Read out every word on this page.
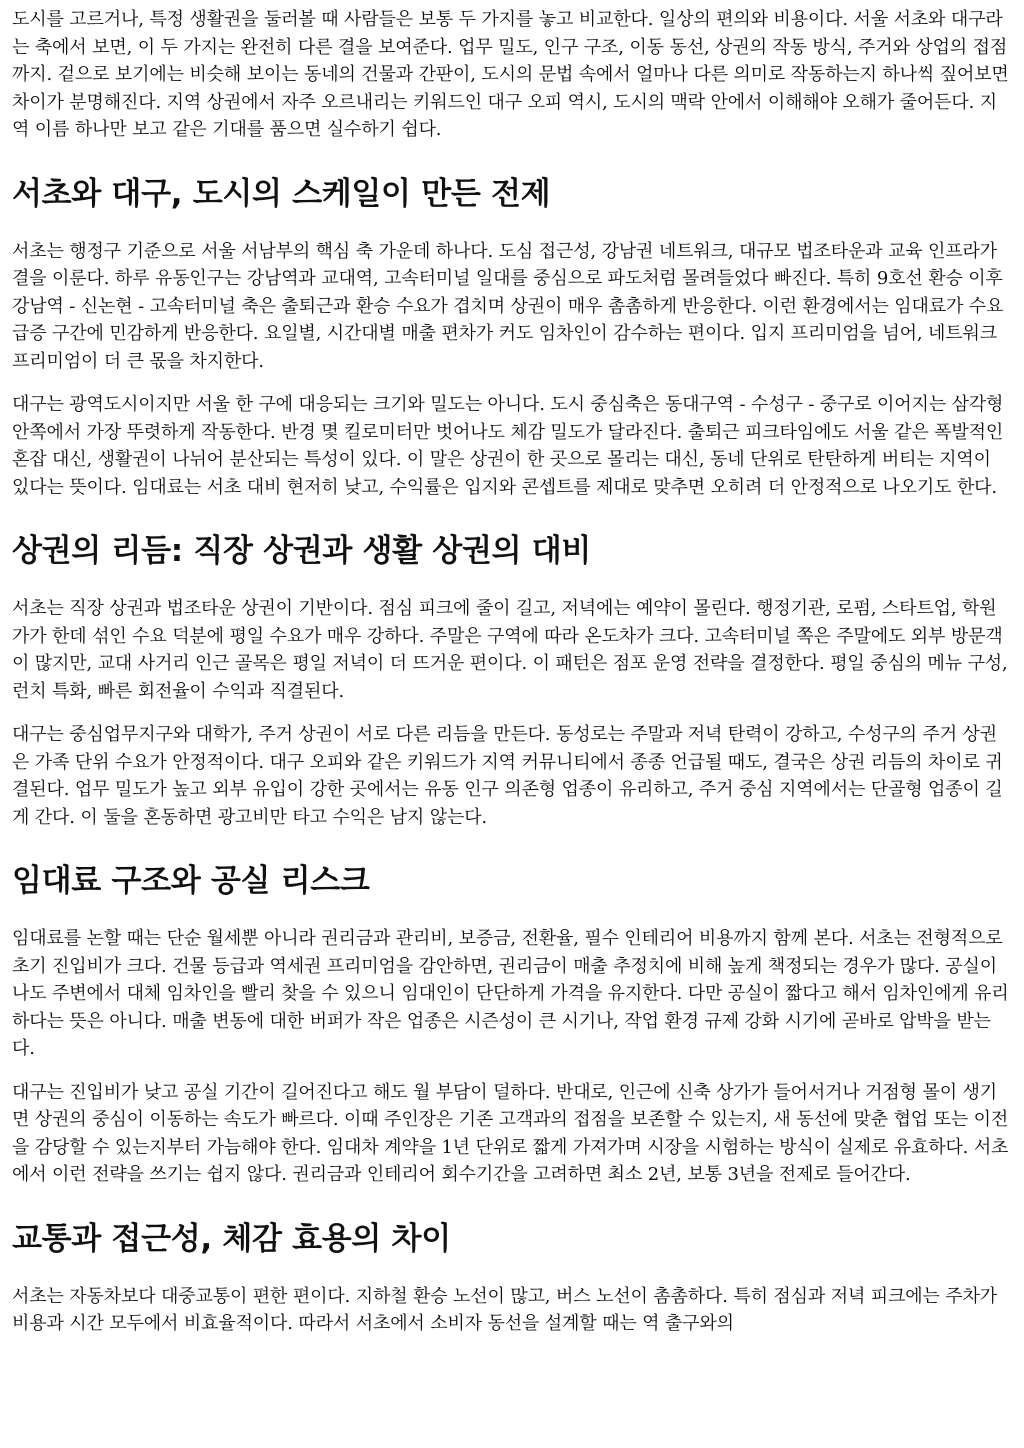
도시를 고르거나, 특정 생활권을 둘러볼 때 사람들은 보통 두 가지를 놓고 비교한다. 일상의 편의와 비용이다. 서울 서초와 대구라는 축에서 보면, 이 두 가지는 완전히 다른 결을 보여준다. 업무 밀도, 인구 구조, 이동 동선, 상권의 작동 방식, 주거와 상업의 접점까지. 겉으로 보기에는 비슷해 보이는 동네의 건물과 간판이, 도시의 문법 속에서 얼마나 다른 의미로 작동하는지 하나씩 짚어보면 차이가 분명해진다. 지역 상권에서 자주 오르내리는 키워드인 대구 오피 역시, 도시의 맥락 안에서 이해해야 오해가 줄어든다. 지역 이름 하나만 보고 같은 기대를 품으면 실수하기 쉽다.

서초와 대구, 도시의 스케일이 만든 전제

서초는 행정구 기준으로 서울 서남부의 핵심 축 가운데 하나다. 도심 접근성, 강남권 네트워크, 대규모 법조타운과 교육 인프라가 결을 이룬다. 하루 유동인구는 강남역과 교대역, 고속터미널 일대를 중심으로 파도처럼 몰려들었다 빠진다. 특히 9호선 환승 이후 강남역 - 신논현 - 고속터미널 축은 출퇴근과 환승 수요가 겹치며 상권이 매우 촘촘하게 반응한다. 이런 환경에서는 임대료가 수요 급증 구간에 민감하게 반응한다. 요일별, 시간대별 매출 편차가 커도 임차인이 감수하는 편이다. 입지 프리미엄을 넘어, 네트워크 프리미엄이 더 큰 몫을 차지한다.

대구는 광역도시이지만 서울 한 구에 대응되는 크기와 밀도는 아니다. 도시 중심축은 동대구역 - 수성구 - 중구로 이어지는 삼각형 안쪽에서 가장 뚜렷하게 작동한다. 반경 몇 킬로미터만 벗어나도 체감 밀도가 달라진다. 출퇴근 피크타임에도 서울 같은 폭발적인 혼잡 대신, 생활권이 나뉘어 분산되는 특성이 있다. 이 말은 상권이 한 곳으로 몰리는 대신, 동네 단위로 탄탄하게 버티는 지역이 있다는 뜻이다. 임대료는 서초 대비 현저히 낮고, 수익률은 입지와 콘셉트를 제대로 맞추면 오히려 더 안정적으로 나오기도 한다.

상권의 리듬: 직장 상권과 생활 상권의 대비

서초는 직장 상권과 법조타운 상권이 기반이다. 점심 피크에 줄이 길고, 저녁에는 예약이 몰린다. 행정기관, 로펌, 스타트업, 학원가가 한데 섞인 수요 덕분에 평일 수요가 매우 강하다. 주말은 구역에 따라 온도차가 크다. 고속터미널 쪽은 주말에도 외부 방문객이 많지만, 교대 사거리 인근 골목은 평일 저녁이 더 뜨거운 편이다. 이 패턴은 점포 운영 전략을 결정한다. 평일 중심의 메뉴 구성, 런치 특화, 빠른 회전율이 수익과 직결된다.

대구는 중심업무지구와 대학가, 주거 상권이 서로 다른 리듬을 만든다. 동성로는 주말과 저녁 탄력이 강하고, 수성구의 주거 상권은 가족 단위 수요가 안정적이다. 대구 오피와 같은 키워드가 지역 커뮤니티에서 종종 언급될 때도, 결국은 상권 리듬의 차이로 귀결된다. 업무 밀도가 높고 외부 유입이 강한 곳에서는 유동 인구 의존형 업종이 유리하고, 주거 중심 지역에서는 단골형 업종이 길게 간다. 이 둘을 혼동하면 광고비만 타고 수익은 남지 않는다.

임대료 구조와 공실 리스크

임대료를 논할 때는 단순 월세뿐 아니라 권리금과 관리비, 보증금, 전환율, 필수 인테리어 비용까지 함께 본다. 서초는 전형적으로 초기 진입비가 크다. 건물 등급과 역세권 프리미엄을 감안하면, 권리금이 매출 추정치에 비해 높게 책정되는 경우가 많다. 공실이 나도 주변에서 대체 임차인을 빨리 찾을 수 있으니 임대인이 단단하게 가격을 유지한다. 다만 공실이 짧다고 해서 임차인에게 유리하다는 뜻은 아니다. 매출 변동에 대한 버퍼가 작은 업종은 시즌성이 큰 시기나, 작업 환경 규제 강화 시기에 곧바로 압박을 받는다.

대구는 진입비가 낮고 공실 기간이 길어진다고 해도 월 부담이 덜하다. 반대로, 인근에 신축 상가가 들어서거나 거점형 몰이 생기면 상권의 중심이 이동하는 속도가 빠르다. 이때 주인장은 기존 고객과의 접점을 보존할 수 있는지, 새 동선에 맞춘 협업 또는 이전을 감당할 수 있는지부터 가늠해야 한다. 임대차 계약을 1년 단위로 짧게 가져가며 시장을 시험하는 방식이 실제로 유효하다. 서초에서 이런 전략을 쓰기는 쉽지 않다. 권리금과 인테리어 회수기간을 고려하면 최소 2년, 보통 3년을 전제로 들어간다.

교통과 접근성, 체감 효용의 차이

서초는 자동차보다 대중교통이 편한 편이다. 지하철 환승 노선이 많고, 버스 노선이 촘촘하다. 특히 점심과 저녁 피크에는 주차가 비용과 시간 모두에서 비효율적이다. 따라서 서초에서 소비자 동선을 설계할 때는 역 출구와의
